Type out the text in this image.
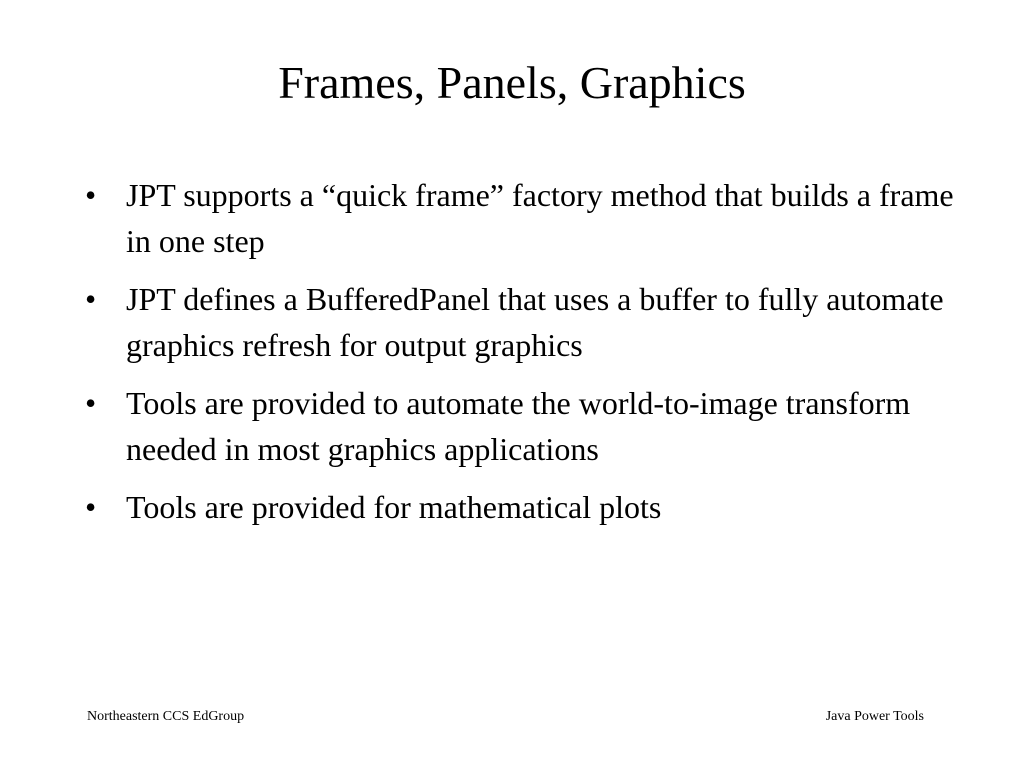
Frames, Panels, Graphics
• JPT supports a “quick frame” factory method that builds a frame in one step
• JPT defines a BufferedPanel that uses a buffer to fully automate graphics refresh for output graphics
• Tools are provided to automate the world-to-image transform needed in most graphics applications
• Tools are provided for mathematical plots
Northeastern CCS EdGroup	Java Power Tools
